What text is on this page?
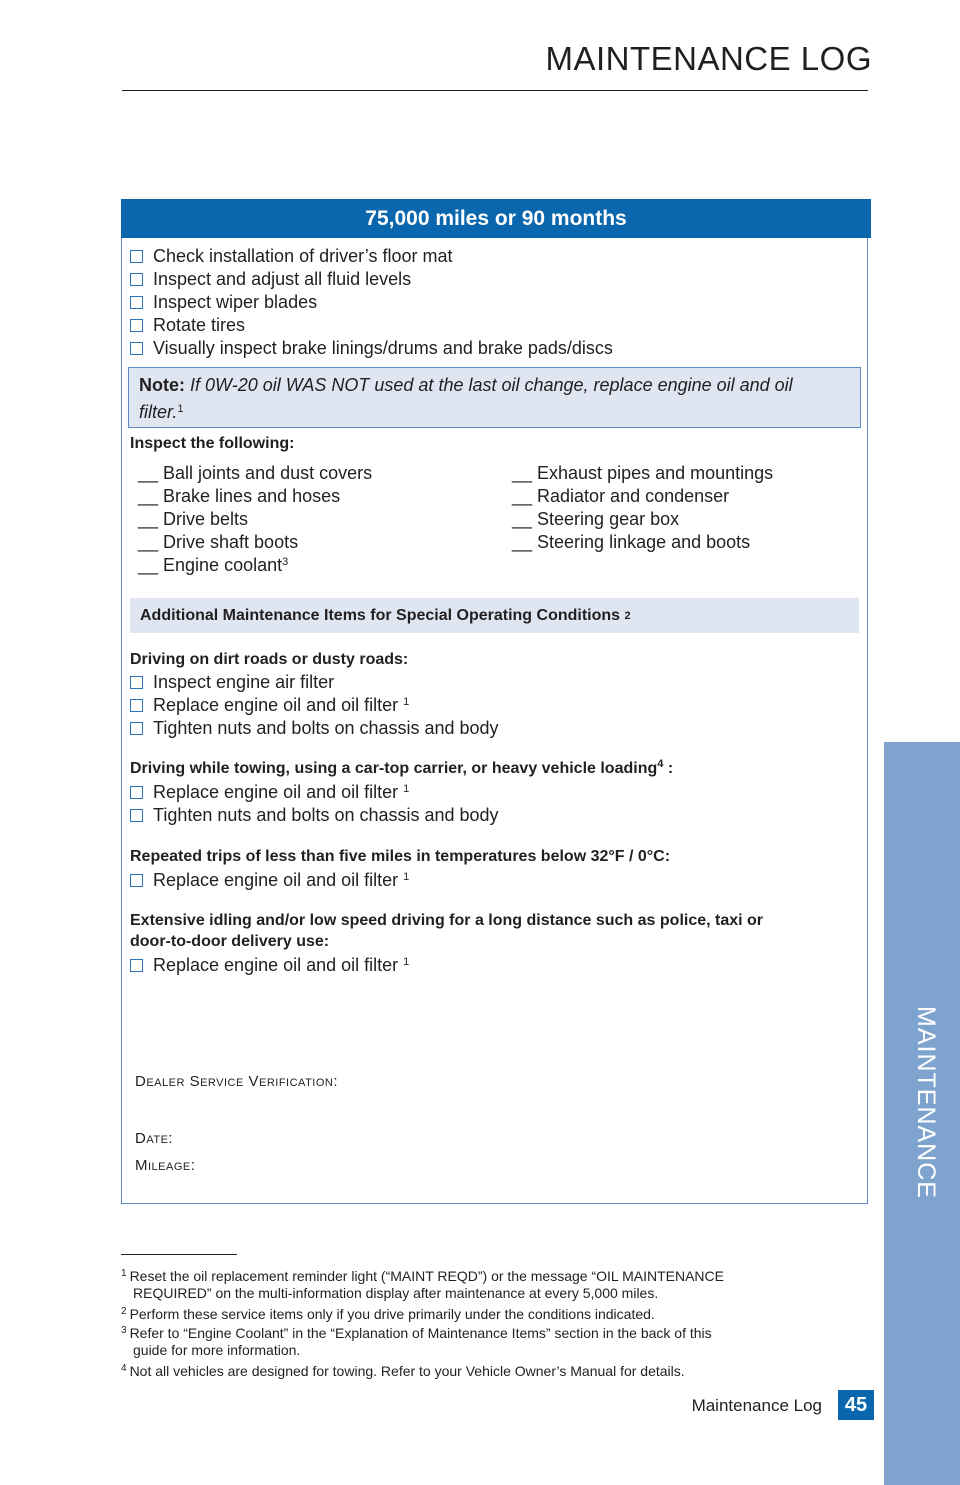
MAINTENANCE LOG
MAINTENANCE
75,000 miles or 90 months
Check installation of driver’s floor mat
Inspect and adjust all fluid levels
Inspect wiper blades
Rotate tires
Visually inspect brake linings/drums and brake pads/discs
Note: If 0W-20 oil WAS NOT used at the last oil change, replace engine oil and oil
filter.$^1$
Inspect the following:
__ Ball joints and dust covers
__ Brake lines and hoses
__ Drive belts
__ Drive shaft boots
__ Engine coolant$^3$
__ Exhaust pipes and mountings
__ Radiator and condenser
__ Steering gear box
__ Steering linkage and boots
Additional Maintenance Items for Special Operating Conditions
2
Driving on dirt roads or dusty roads:
Inspect engine air filter
Replace engine oil and oil filter $^1$
Tighten nuts and bolts on chassis and body
Driving while towing, using a car-top carrier, or heavy vehicle loading$^4$ :
Replace engine oil and oil filter $^1$
Tighten nuts and bolts on chassis and body
Repeated trips of less than five miles in temperatures below 32°F / 0°C:
Replace engine oil and oil filter $^1$
Extensive idling and/or low speed driving for a long distance such as police, taxi or
door-to-door delivery use:
Replace engine oil and oil filter $^1$
Dealer Service Verification:
Date:
Mileage:
$^1$ Reset the oil replacement reminder light (“MAINT REQD”) or the message “OIL MAINTENANCE
REQUIRED” on the multi-information display after maintenance at every 5,000 miles.
$^2$ Perform these service items only if you drive primarily under the conditions indicated.
$^3$ Refer to “Engine Coolant” in the “Explanation of Maintenance Items” section in the back of this
guide for more information.
$^4$ Not all vehicles are designed for towing. Refer to your Vehicle Owner’s Manual for details.
Maintenance Log 45
